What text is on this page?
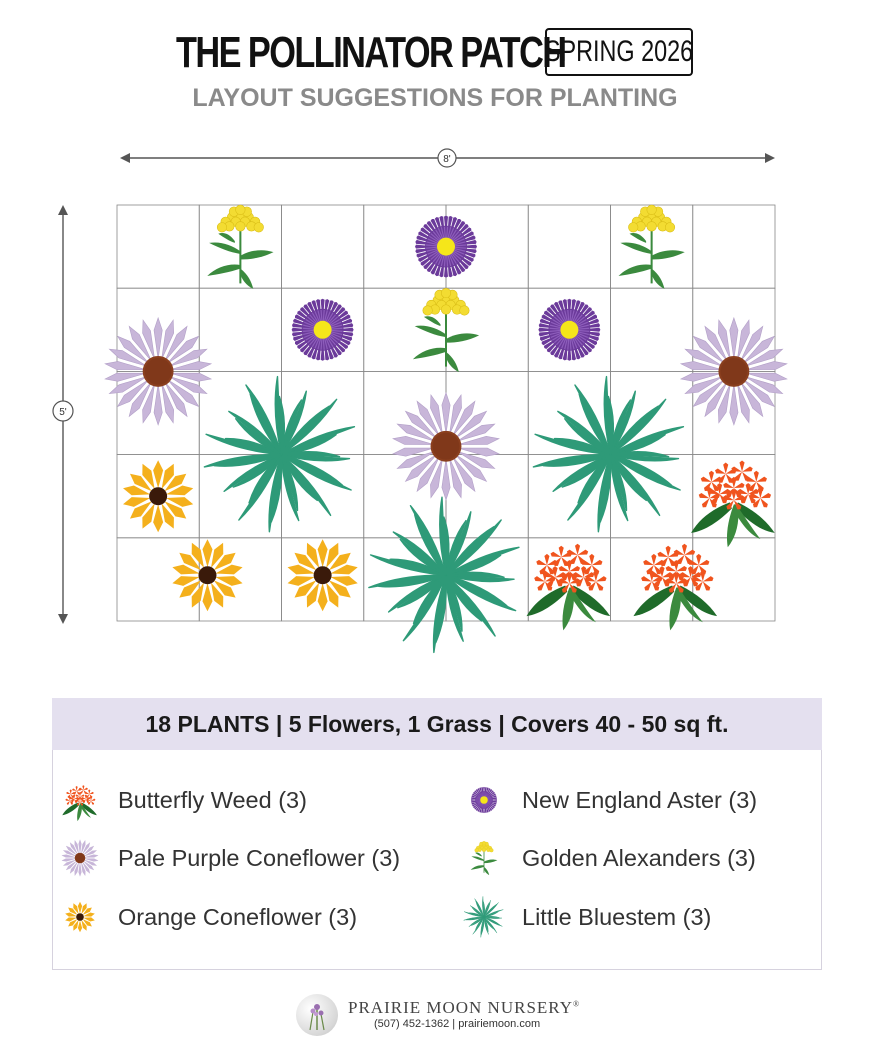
THE POLLINATOR PATCH
SPRING 2026
LAYOUT SUGGESTIONS FOR PLANTING
8'
5'
18 PLANTS | 5 Flowers, 1 Grass | Covers 40 - 50 sq ft.
Butterfly Weed (3)
Pale Purple Coneflower (3)
Orange Coneflower (3)
New England Aster (3)
Golden Alexanders (3)
Little Bluestem (3)
PRAIRIE MOON NURSERY®
(507) 452-1362 | prairiemoon.com
